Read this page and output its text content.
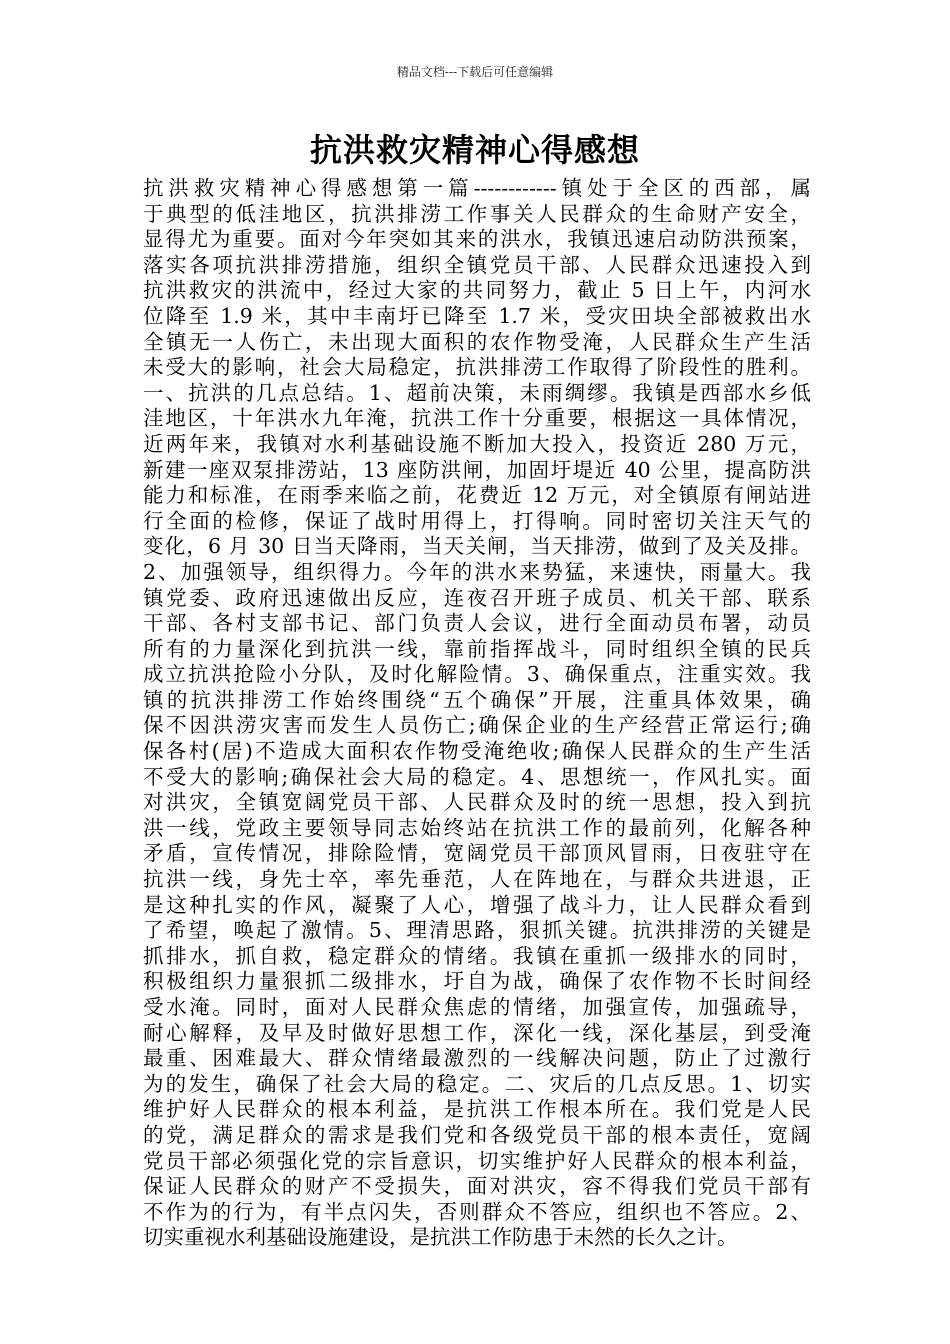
精品文档---下载后可任意编辑
抗洪救灾精神心得感想
抗洪救灾精神心得感想第一篇------------镇处于全区的西部，属
于典型的低洼地区，抗洪排涝工作事关人民群众的生命财产安全，
显得尤为重要。面对今年突如其来的洪水，我镇迅速启动防洪预案，
落实各项抗洪排涝措施，组织全镇党员干部、人民群众迅速投入到
抗洪救灾的洪流中，经过大家的共同努力，截止 5 日上午，内河水
位降至 1.9 米，其中丰南圩已降至 1.7 米，受灾田块全部被救出水
全镇无一人伤亡，未出现大面积的农作物受淹，人民群众生产生活
未受大的影响，社会大局稳定，抗洪排涝工作取得了阶段性的胜利。
一、抗洪的几点总结。1、超前决策，未雨绸缪。我镇是西部水乡低
洼地区，十年洪水九年淹，抗洪工作十分重要，根据这一具体情况，
近两年来，我镇对水利基础设施不断加大投入，投资近 280 万元，
新建一座双泵排涝站，13 座防洪闸，加固圩堤近 40 公里，提高防洪
能力和标准，在雨季来临之前，花费近 12 万元，对全镇原有闸站进
行全面的检修，保证了战时用得上，打得响。同时密切关注天气的
变化，6 月 30 日当天降雨，当天关闸，当天排涝，做到了及关及排。
2、加强领导，组织得力。今年的洪水来势猛，来速快，雨量大。我
镇党委、政府迅速做出反应，连夜召开班子成员、机关干部、联系
干部、各村支部书记、部门负责人会议，进行全面动员布署，动员
所有的力量深化到抗洪一线，靠前指挥战斗，同时组织全镇的民兵
成立抗洪抢险小分队，及时化解险情。3、确保重点，注重实效。我
镇的抗洪排涝工作始终围绕“五个确保”开展，注重具体效果，确
保不因洪涝灾害而发生人员伤亡;确保企业的生产经营正常运行;确
保各村(居)不造成大面积农作物受淹绝收;确保人民群众的生产生活
不受大的影响;确保社会大局的稳定。4、思想统一，作风扎实。面
对洪灾，全镇宽阔党员干部、人民群众及时的统一思想，投入到抗
洪一线，党政主要领导同志始终站在抗洪工作的最前列，化解各种
矛盾，宣传情况，排除险情，宽阔党员干部顶风冒雨，日夜驻守在
抗洪一线，身先士卒，率先垂范，人在阵地在，与群众共进退，正
是这种扎实的作风，凝聚了人心，增强了战斗力，让人民群众看到
了希望，唤起了激情。5、理清思路，狠抓关键。抗洪排涝的关键是
抓排水，抓自救，稳定群众的情绪。我镇在重抓一级排水的同时，
积极组织力量狠抓二级排水，圩自为战，确保了农作物不长时间经
受水淹。同时，面对人民群众焦虑的情绪，加强宣传，加强疏导，
耐心解释，及早及时做好思想工作，深化一线，深化基层，到受淹
最重、困难最大、群众情绪最激烈的一线解决问题，防止了过激行
为的发生，确保了社会大局的稳定。二、灾后的几点反思。1、切实
维护好人民群众的根本利益，是抗洪工作根本所在。我们党是人民
的党，满足群众的需求是我们党和各级党员干部的根本责任，宽阔
党员干部必须强化党的宗旨意识，切实维护好人民群众的根本利益，
保证人民群众的财产不受损失，面对洪灾，容不得我们党员干部有
不作为的行为，有半点闪失，否则群众不答应，组织也不答应。2、
切实重视水利基础设施建设，是抗洪工作防患于未然的长久之计。
